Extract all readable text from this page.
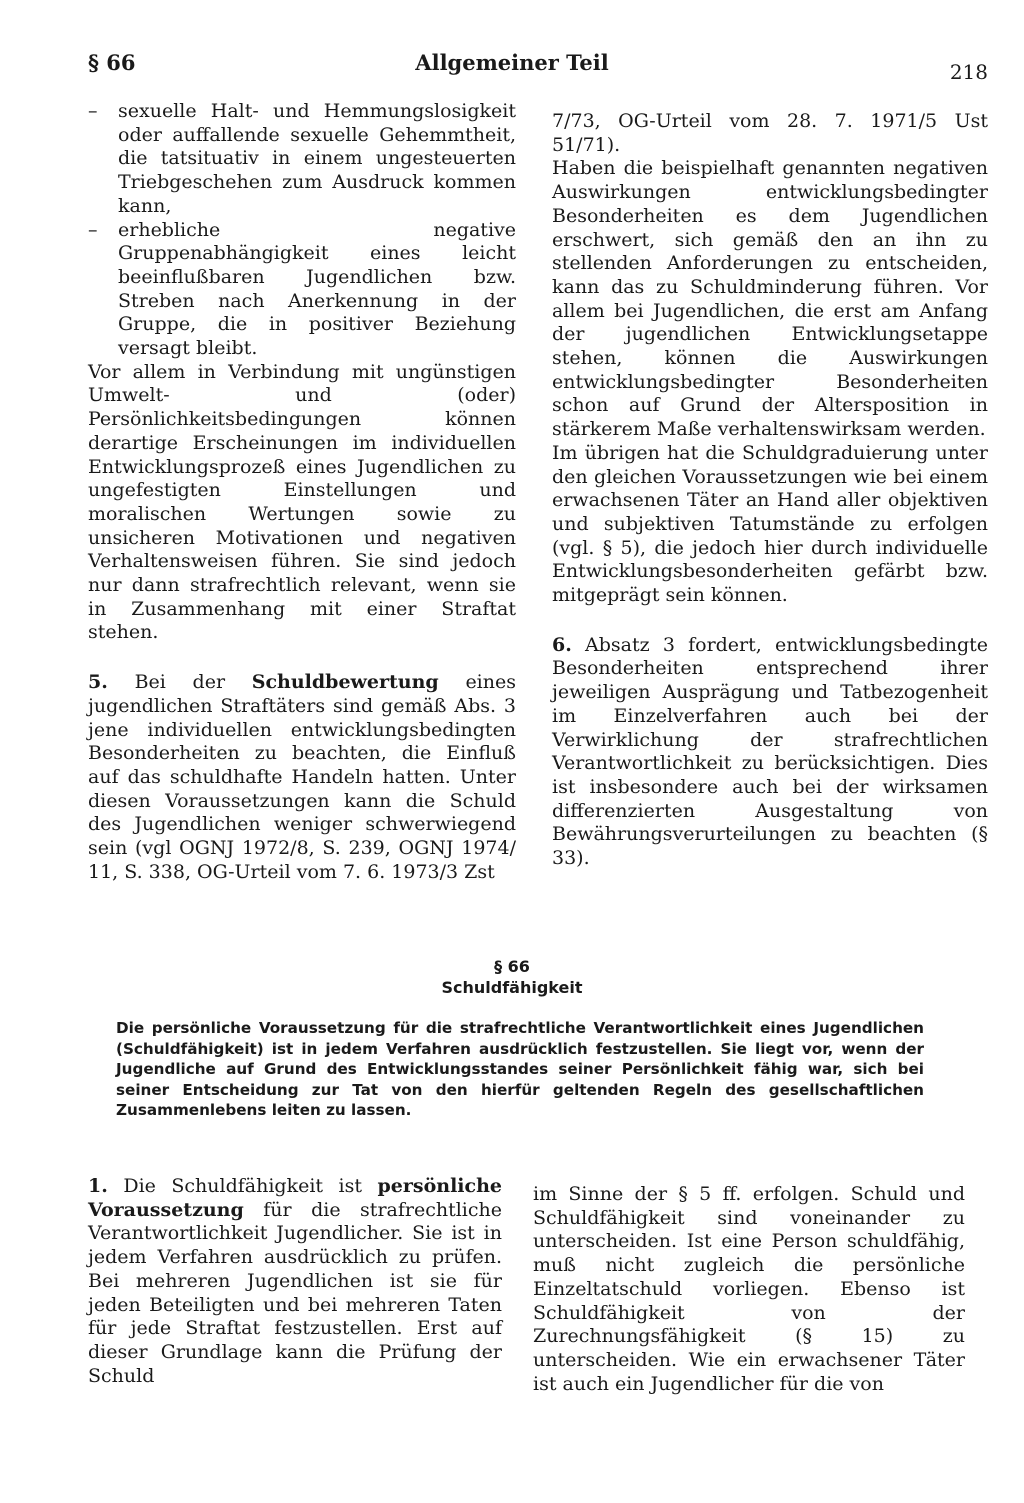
§ 66	Allgemeiner Teil	218
–	sexuelle Halt- und Hemmungslosigkeit oder auffallende sexuelle Gehemmtheit, die tatsituativ in einem ungesteuerten Triebgeschehen zum Ausdruck kommen kann,
–	erhebliche negative Gruppenabhängigkeit eines leicht beeinflußbaren Jugendlichen bzw. Streben nach Anerkennung in der Gruppe, die in positiver Beziehung versagt bleibt.

Vor allem in Verbindung mit ungünstigen Umwelt- und (oder) Persönlichkeitsbedingungen können derartige Erscheinungen im individuellen Entwicklungsprozeß eines Jugendlichen zu ungefestigten Einstellungen und moralischen Wertungen sowie zu unsicheren Motivationen und negativen Verhaltensweisen führen. Sie sind jedoch nur dann strafrechtlich relevant, wenn sie in Zusammenhang mit einer Straftat stehen.

5. Bei der Schuldbewertung eines jugendlichen Straftäters sind gemäß Abs. 3 jene individuellen entwicklungsbedingten Besonderheiten zu beachten, die Einfluß auf das schuldhafte Handeln hatten. Unter diesen Voraussetzungen kann die Schuld des Jugendlichen weniger schwerwiegend sein (vgl OGNJ 1972/8, S. 239, OGNJ 1974/ 11, S. 338, OG-Urteil vom 7. 6. 1973/3 Zst

7/73, OG-Urteil vom 28. 7. 1971/5 Ust 51/71).

Haben die beispielhaft genannten negativen Auswirkungen entwicklungsbedingter Besonderheiten es dem Jugendlichen erschwert, sich gemäß den an ihn zu stellenden Anforderungen zu entscheiden, kann das zu Schuldminderung führen. Vor allem bei Jugendlichen, die erst am Anfang der jugendlichen Entwicklungsetappe stehen, können die Auswirkungen entwicklungsbedingter Besonderheiten schon auf Grund der Altersposition in stärkerem Maße verhaltenswirksam werden.

Im übrigen hat die Schuldgraduierung unter den gleichen Voraussetzungen wie bei einem erwachsenen Täter an Hand aller objektiven und subjektiven Tatumstände zu erfolgen (vgl. § 5), die jedoch hier durch individuelle Entwicklungsbesonderheiten gefärbt bzw. mitgeprägt sein können.

6. Absatz 3 fordert, entwicklungsbedingte Besonderheiten entsprechend ihrer jeweiligen Ausprägung und Tatbezogenheit im Einzelverfahren auch bei der Verwirklichung der strafrechtlichen Verantwortlichkeit zu berücksichtigen. Dies ist insbesondere auch bei der wirksamen differenzierten Ausgestaltung von Bewährungsverurteilungen zu beachten (§ 33).

§ 66
Schuldfähigkeit

Die persönliche Voraussetzung für die strafrechtliche Verantwortlichkeit eines Jugendlichen (Schuldfähigkeit) ist in jedem Verfahren ausdrücklich festzustellen. Sie liegt vor, wenn der Jugendliche auf Grund des Entwicklungsstandes seiner Persönlichkeit fähig war, sich bei seiner Entscheidung zur Tat von den hierfür geltenden Regeln des gesellschaftlichen Zusammenlebens leiten zu lassen.

1. Die Schuldfähigkeit ist persönliche Voraussetzung für die strafrechtliche Verantwortlichkeit Jugendlicher. Sie ist in jedem Verfahren ausdrücklich zu prüfen. Bei mehreren Jugendlichen ist sie für jeden Beteiligten und bei mehreren Taten für jede Straftat festzustellen. Erst auf dieser Grundlage kann die Prüfung der Schuld

im Sinne der § 5 ff. erfolgen. Schuld und Schuldfähigkeit sind voneinander zu unterscheiden. Ist eine Person schuldfähig, muß nicht zugleich die persönliche Einzeltatschuld vorliegen. Ebenso ist Schuldfähigkeit von der Zurechnungsfähigkeit (§ 15) zu unterscheiden. Wie ein erwachsener Täter ist auch ein Jugendlicher für die von
